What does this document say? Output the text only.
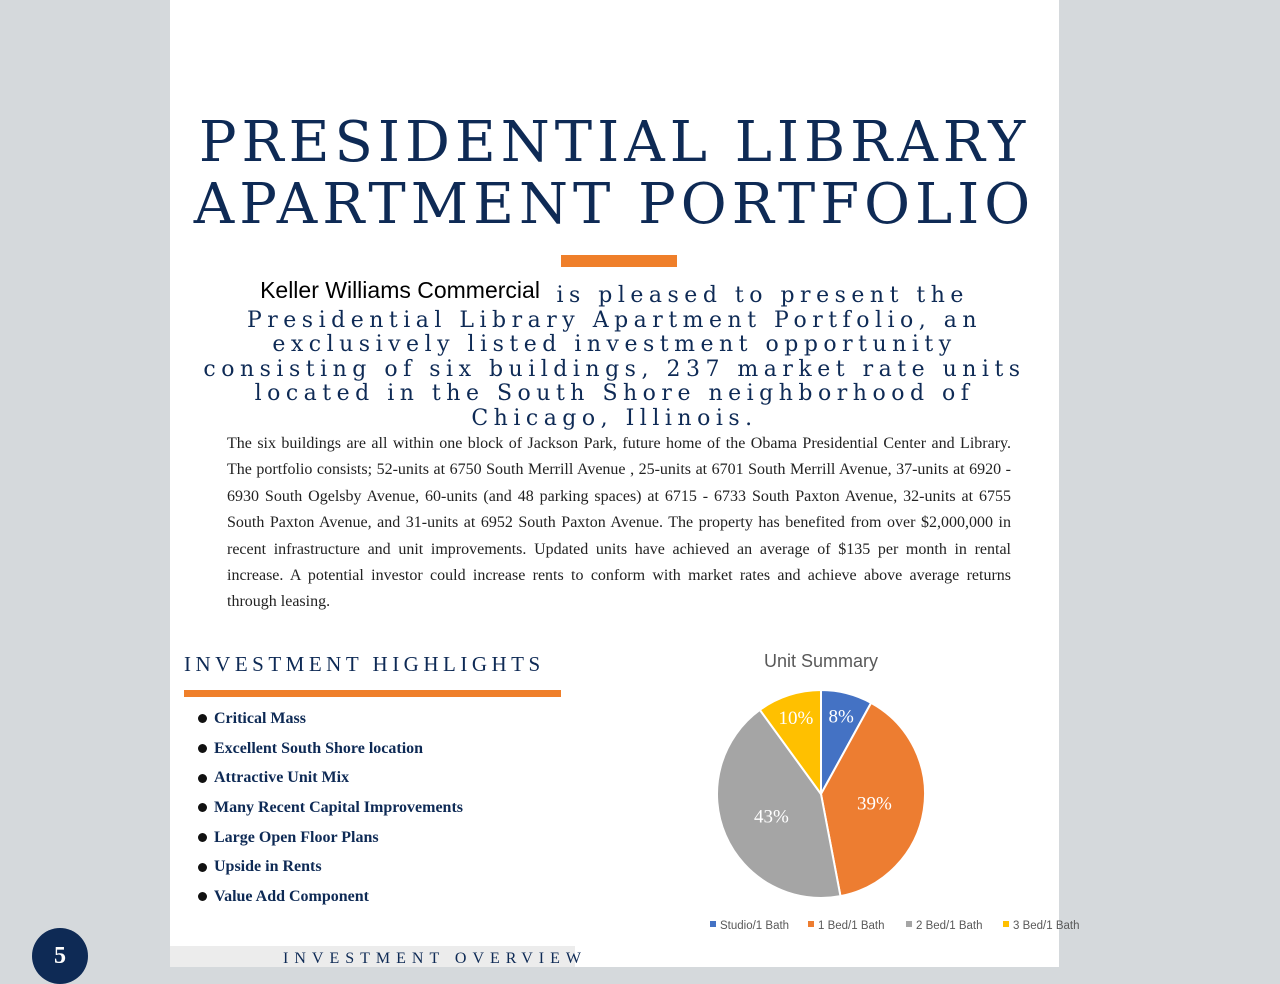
PRESIDENTIAL LIBRARY
APARTMENT PORTFOLIO
Keller Williams Commercial is pleased to present the Presidential Library Apartment Portfolio, an exclusively listed investment opportunity consisting of six buildings, 237 market rate units located in the South Shore neighborhood of Chicago, Illinois.
The six buildings are all within one block of Jackson Park, future home of the Obama Presidential Center and Library. The portfolio consists; 52-units at 6750 South Merrill Avenue , 25-units at 6701 South Merrill Avenue, 37-units at 6920 - 6930 South Ogelsby Avenue, 60-units (and 48 parking spaces) at 6715 - 6733 South Paxton Avenue, 32-units at 6755 South Paxton Avenue, and 31-units at 6952 South Paxton Avenue. The property has benefited from over $2,000,000 in recent infrastructure and unit improvements. Updated units have achieved an average of $135 per month in rental increase. A potential investor could increase rents to conform with market rates and achieve above average returns through leasing.
INVESTMENT HIGHLIGHTS
Critical Mass
Excellent South Shore location
Attractive Unit Mix
Many Recent Capital Improvements
Large Open Floor Plans
Upside in Rents
Value Add Component
Unit Summary
8%
39%
43%
10%
Studio/1 Bath	1 Bed/1 Bath	2 Bed/1 Bath	3 Bed/1 Bath
INVESTMENT OVERVIEW
5
